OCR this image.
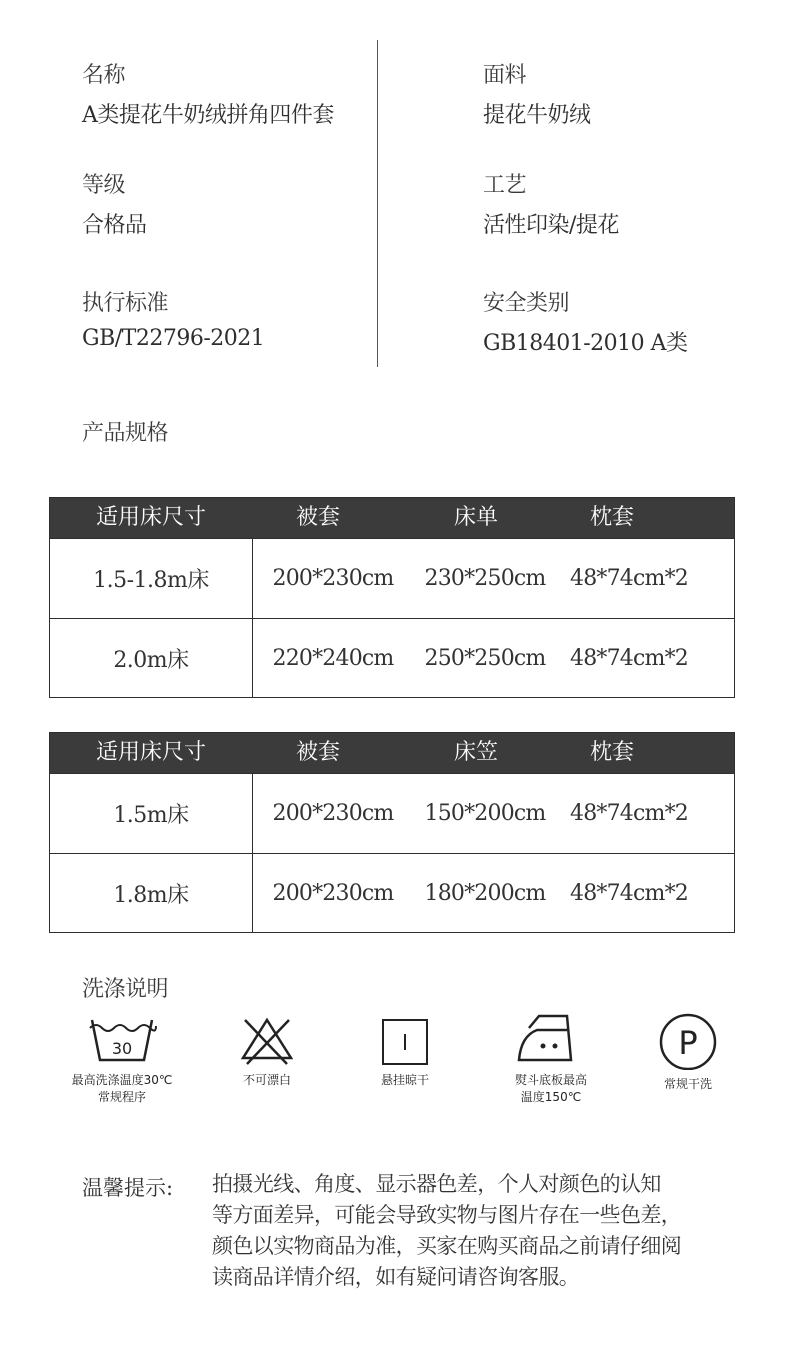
名称
A类提花牛奶绒拼角四件套
面料
提花牛奶绒
等级
合格品
工艺
活性印染/提花
执行标准
GB/T22796-2021
安全类别
GB18401-2010 A类
产品规格
适用床尺寸	被套	床单	枕套
1.5-1.8m床	200*230cm	230*250cm	48*74cm*2
2.0m床	220*240cm	250*250cm	48*74cm*2
适用床尺寸	被套	床笠	枕套
1.5m床	200*230cm	150*200cm	48*74cm*2
1.8m床	200*230cm	180*200cm	48*74cm*2
洗涤说明
30
最高洗涤温度30℃
常规程序
不可漂白	悬挂晾干	熨斗底板最高
温度150℃
P
常规干洗
温馨提示: 拍摄光线、角度、显示器色差，个人对颜色的认知
等方面差异，可能会导致实物与图片存在一些色差，
颜色以实物商品为准，买家在购买商品之前请仔细阅
读商品详情介绍，如有疑问请咨询客服。
